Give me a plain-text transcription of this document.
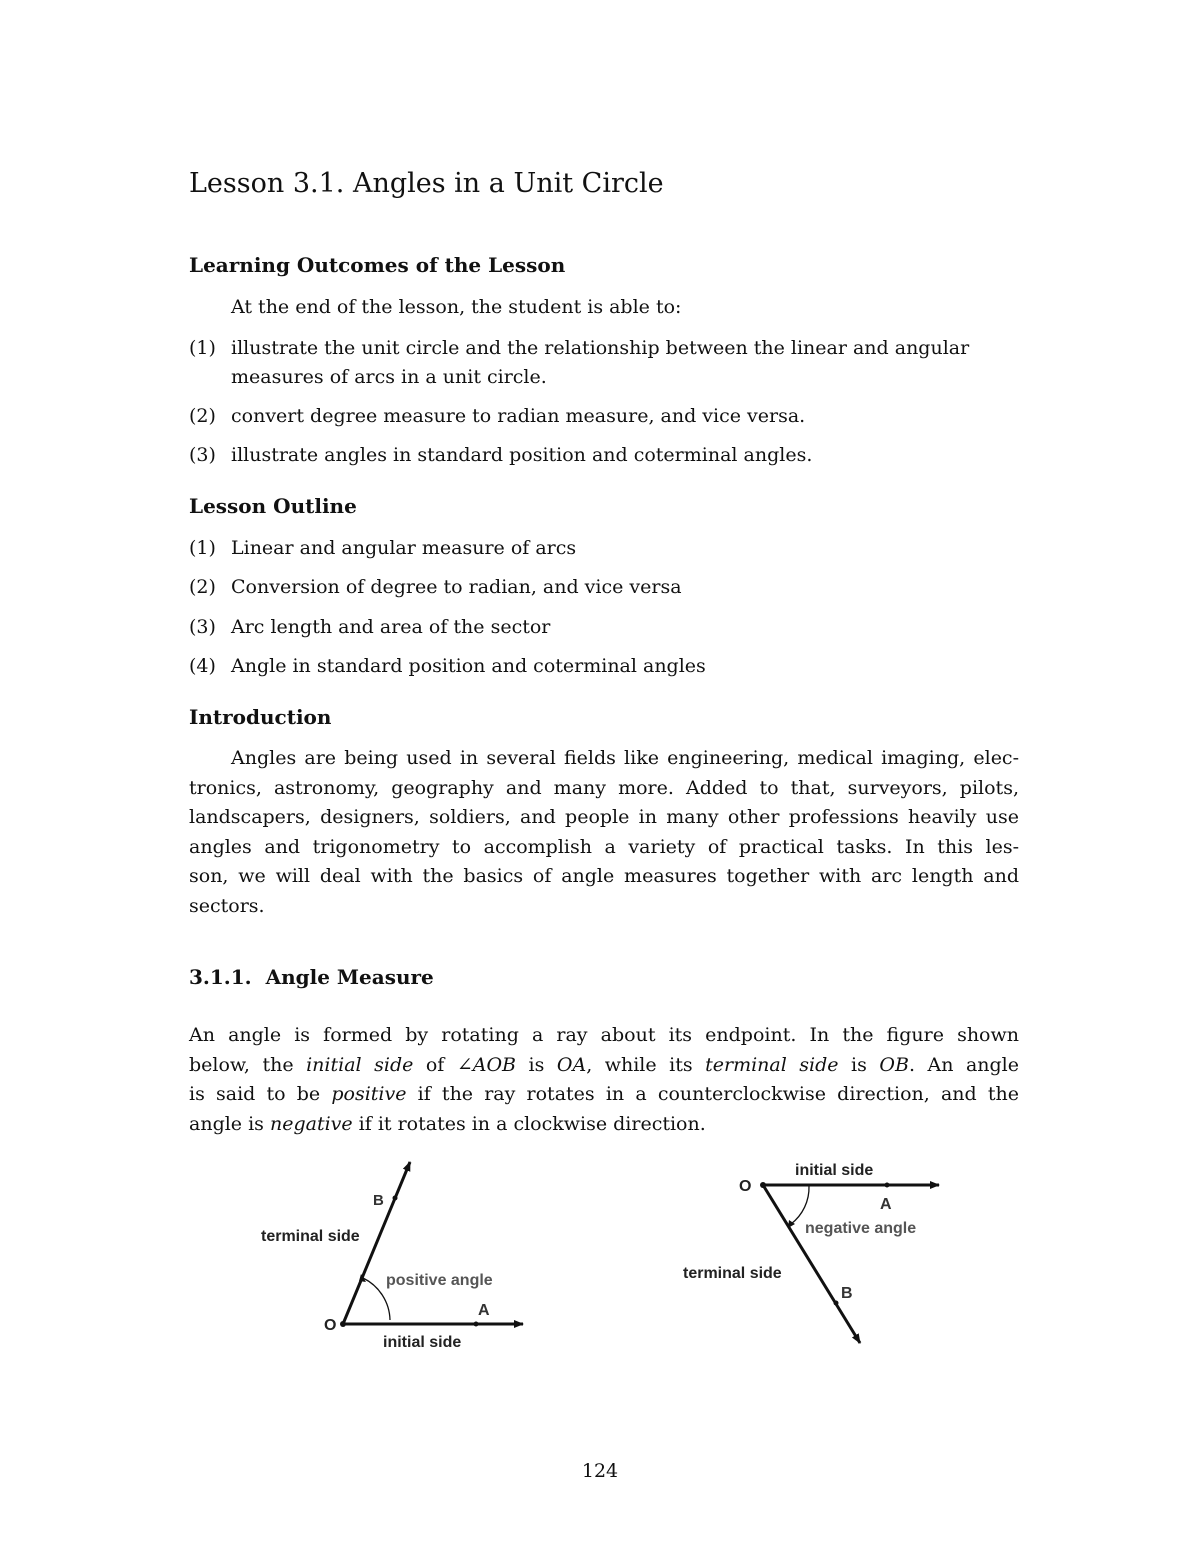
Lesson 3.1. Angles in a Unit Circle
Learning Outcomes of the Lesson

At the end of the lesson, the student is able to:

(1) illustrate the unit circle and the relationship between the linear and angular
measures of arcs in a unit circle.
(2) convert degree measure to radian measure, and vice versa.
(3) illustrate angles in standard position and coterminal angles.
Lesson Outline
(1) Linear and angular measure of arcs
(2) Conversion of degree to radian, and vice versa
(3) Arc length and area of the sector
(4) Angle in standard position and coterminal angles
Introduction
Angles are being used in several fields like engineering, medical imaging, elec-
tronics, astronomy, geography and many more. Added to that, surveyors, pilots,
landscapers, designers, soldiers, and people in many other professions heavily use
angles and trigonometry to accomplish a variety of practical tasks. In this les-
son, we will deal with the basics of angle measures together with arc length and
sectors.
3.1.1.  Angle Measure
An angle is formed by rotating a ray about its endpoint. In the figure shown
below, the initial side of ∠AOB is OA, while its terminal side is OB. An angle
is said to be positive if the ray rotates in a counterclockwise direction, and the
angle is negative if it rotates in a clockwise direction.
B
terminal side
positive angle
A
O
initial side
initial side
O
A
negative angle
terminal side
B
124
